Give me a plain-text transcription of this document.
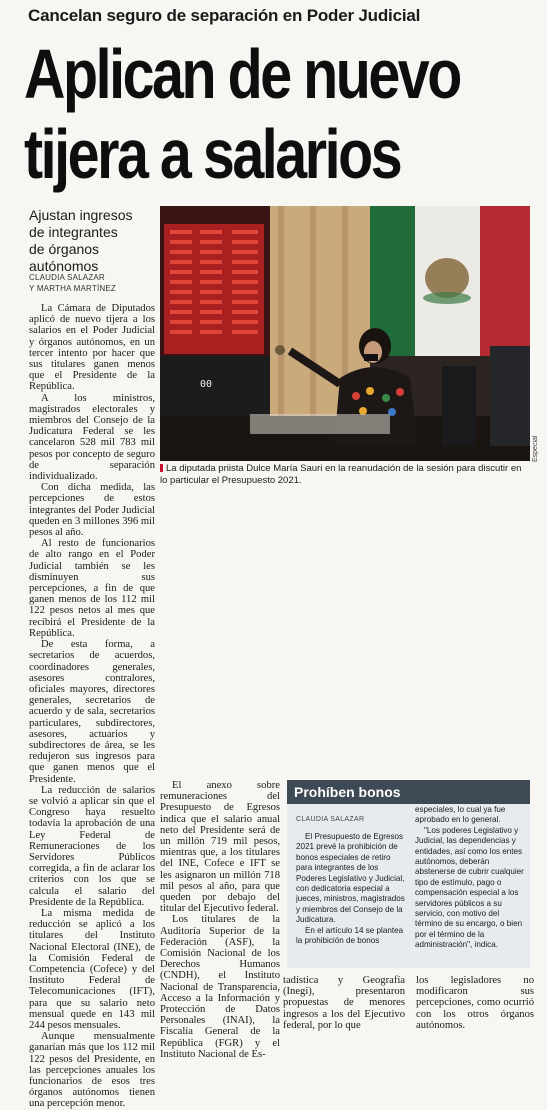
Cancelan seguro de separación en Poder Judicial
Aplican de nuevo
tijera a salarios
Ajustan ingresos
de integrantes
de órganos
autónomos
CLAUDIA SALAZAR
Y MARTHA MARTÍNEZ
00
Especial
La diputada priista Dulce María Sauri en la reanudación de la sesión para discutir en lo particular el Presupuesto 2021.

La Cámara de Diputados aplicó de nuevo tijera a los salarios en el Poder Judicial y órganos autónomos, en un tercer intento por hacer que sus titulares ganen menos que el Presidente de la República.

A los ministros, magistrados electorales y miembros del Consejo de la Judicatura Federal se les cancelaron 528 mil 783 mil pesos por concepto de seguro de separación individualizado.

Con dicha medida, las percepciones de estos integrantes del Poder Judicial queden en 3 millones 396 mil pesos al año.

Al resto de funcionarios de alto rango en el Poder Judicial también se les disminuyen sus percepciones, a fin de que ganen menos de los 112 mil 122 pesos netos al mes que recibirá el Presidente de la República.

De esta forma, a secretarios de acuerdos, coordinadores generales, asesores contralores, oficiales mayores, directores generales, secretarios de acuerdo y de sala, secretarios particulares, subdirectores, asesores, actuarios y subdirectores de área, se les redujeron sus ingresos para que ganen menos que el Presidente.

La reducción de salarios se volvió a aplicar sin que el Congreso haya resuelto todavía la aprobación de una Ley Federal de Remuneraciones de los Servidores Públicos corregida, a fin de aclarar los criterios con los que se calcula el salario del Presidente de la República.

La misma medida de reducción se aplicó a los titulares del Instituto Nacional Electoral (INE), de la Comisión Federal de Competencia (Cofece) y del Instituto Federal de Telecomunicaciones (IFT), para que su salario neto mensual quede en 143 mil 244 pesos mensuales.

Aunque mensualmente ganarían más que los 112 mil 122 pesos del Presidente, en las percepciones anuales los funcionarios de esos tres órganos autónomos tienen una percepción menor.

El anexo sobre remuneraciones del Presupuesto de Egresos indica que el salario anual neto del Presidente será de un millón 719 mil pesos, mientras que, a los titulares del INE, Cofece e IFT se les asignaron un millón 718 mil pesos al año, para que queden por debajo del titular del Ejecutivo federal.

Los titulares de la Auditoría Superior de la Federación (ASF), la Comisión Nacional de los Derechos Humanos (CNDH), el Instituto Nacional de Transparencia, Acceso a la Información y Protección de Datos Personales (INAI), la Fiscalía General de la República (FGR) y el Instituto Nacional de Es-

Prohíben bonos
CLAUDIA SALAZAR

El Presupuesto de Egresos 2021 prevé la prohibición de bonos especiales de retiro para integrantes de los Poderes Legislativo y Judicial, con dedicatoria especial a jueces, ministros, magistrados y miembros del Consejo de la Judicatura.

En el artículo 14 se plantea la prohibición de bonos

especiales, lo cual ya fue aprobado en lo general.

"Los poderes Legislativo y Judicial, las dependencias y entidades, así como los entes autónomos, deberán abstenerse de cubrir cualquier tipo de estímulo, pago o compensación especial a los servidores públicos a su servicio, con motivo del término de su encargo, o bien por el término de la administración", indica.

tadística y Geografía (Inegi), presentaron propuestas de menores ingresos a los del Ejecutivo federal, por lo que

los legisladores no modificaron sus percepciones, como ocurrió con los otros órganos autónomos.
